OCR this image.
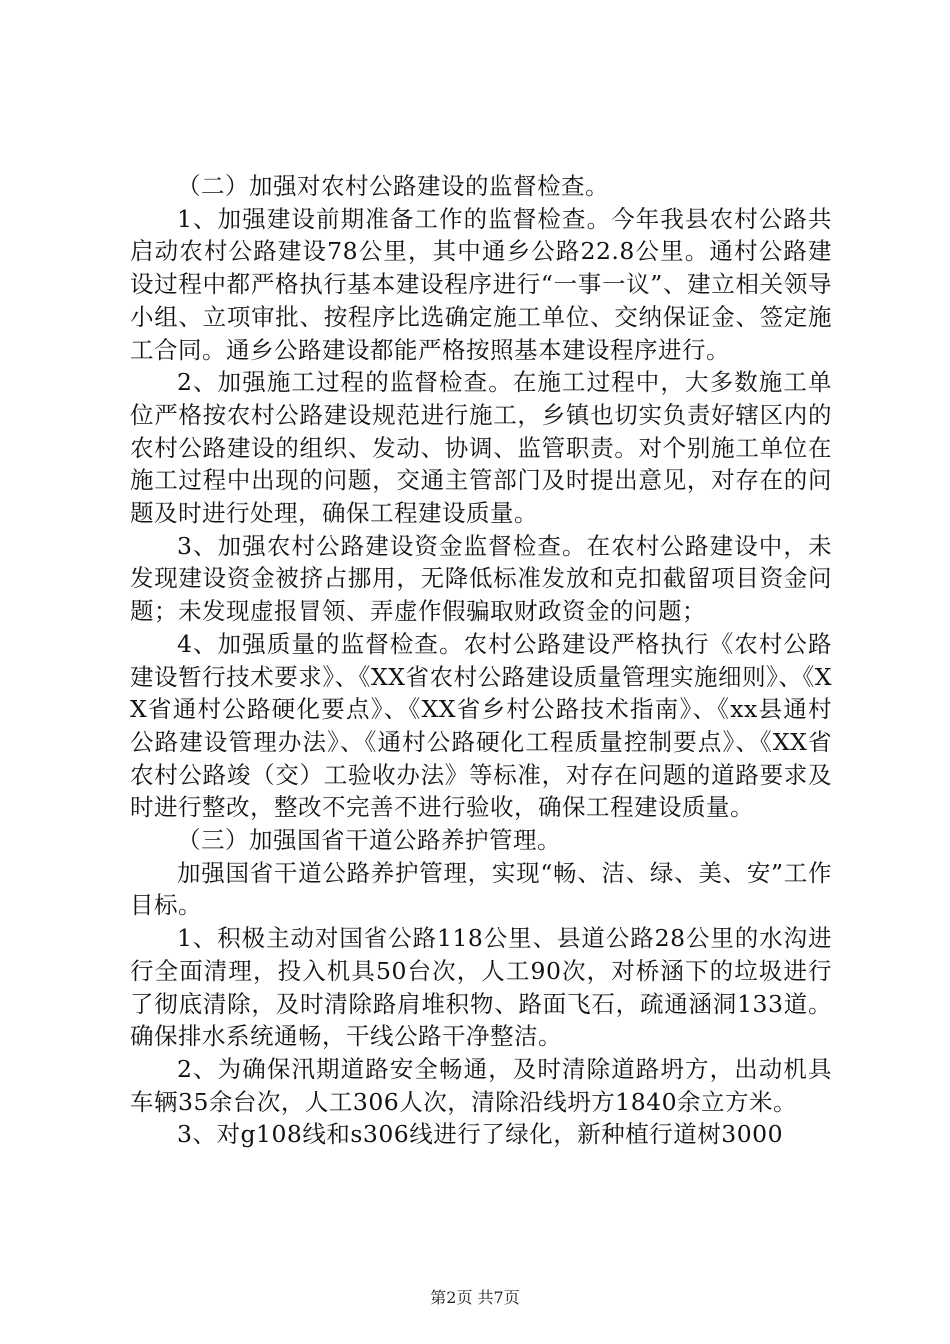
（二）加强对农村公路建设的监督检查。

1、加强建设前期准备工作的监督检查。今年我县农村公路共启动农村公路建设78公里，其中通乡公路22.8公里。通村公路建设过程中都严格执行基本建设程序进行“一事一议”、建立相关领导小组、立项审批、按程序比选确定施工单位、交纳保证金、签定施工合同。通乡公路建设都能严格按照基本建设程序进行。

2、加强施工过程的监督检查。在施工过程中，大多数施工单位严格按农村公路建设规范进行施工，乡镇也切实负责好辖区内的农村公路建设的组织、发动、协调、监管职责。对个别施工单位在施工过程中出现的问题，交通主管部门及时提出意见，对存在的问题及时进行处理，确保工程建设质量。

3、加强农村公路建设资金监督检查。在农村公路建设中，未发现建设资金被挤占挪用，无降低标准发放和克扣截留项目资金问题；未发现虚报冒领、弄虚作假骗取财政资金的问题；

4、加强质量的监督检查。农村公路建设严格执行《农村公路建设暂行技术要求》、《XX省农村公路建设质量管理实施细则》、《XX省通村公路硬化要点》、《XX省乡村公路技术指南》、《xx县通村公路建设管理办法》、《通村公路硬化工程质量控制要点》、《XX省农村公路竣（交）工验收办法》等标准，对存在问题的道路要求及时进行整改，整改不完善不进行验收，确保工程建设质量。

（三）加强国省干道公路养护管理。

加强国省干道公路养护管理，实现“畅、洁、绿、美、安”工作目标。

1、积极主动对国省公路118公里、县道公路28公里的水沟进行全面清理，投入机具50台次，人工90次，对桥涵下的垃圾进行了彻底清除，及时清除路肩堆积物、路面飞石，疏通涵洞133道。确保排水系统通畅，干线公路干净整洁。

2、为确保汛期道路安全畅通，及时清除道路坍方，出动机具车辆35余台次，人工306人次，清除沿线坍方1840余立方米。

3、对g108线和s306线进行了绿化，新种植行道树3000

第2页 共7页
